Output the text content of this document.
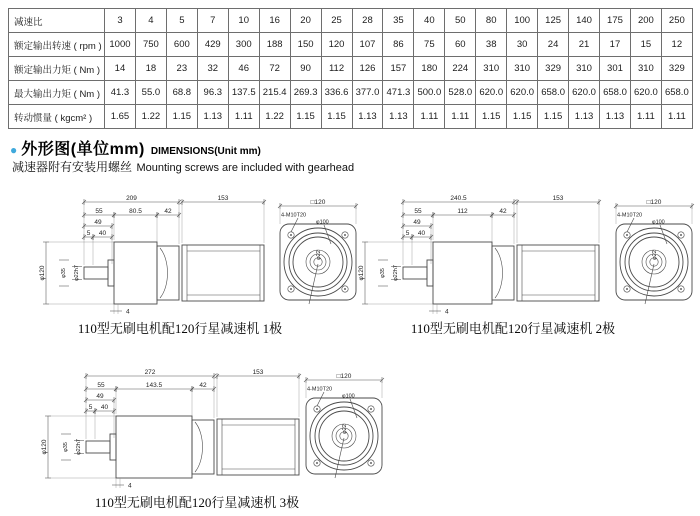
减速比	3	4	5	7	10	16	20	25	28	35	40	50	80	100	125	140	175	200	250
额定输出转速 ( rpm )	1000	750	600	429	300	188	150	120	107	86	75	60	38	30	24	21	17	15	12
额定输出力矩 ( Nm )	14	18	23	32	46	72	90	112	126	157	180	224	310	310	329	310	301	310	329
最大输出力矩 ( Nm )	41.3	55.0	68.8	96.3	137.5	215.4	269.3	336.6	377.0	471.3	500.0	528.0	620.0	620.0	658.0	620.0	658.0	620.0	658.0
转动惯量 ( kgcm² )	1.65	1.22	1.15	1.13	1.11	1.22	1.15	1.15	1.13	1.13	1.11	1.11	1.15	1.15	1.15	1.13	1.13	1.11	1.11
● 外形图(单位mm) DIMENSIONS(Unit mm)
减速器附有安装用螺丝 Mounting screws are included with gearhead
209	153
55	80.5	42
49
5 40
φ120	φ35 φ22h7
4
□120
4-M10T20
φ100
φ22
110型无刷电机配120行星减速机 1极
240.5	153
55	112	42
49
5 40
φ120	φ35 φ22h7
4
□120
4-M10T20
φ100
φ22
110型无刷电机配120行星减速机 2极
272	153
55	143.5	42
49
5 40
φ120	φ35 φ22h7
4
□120
4-M10T20
φ100
φ22
110型无刷电机配120行星减速机 3极
